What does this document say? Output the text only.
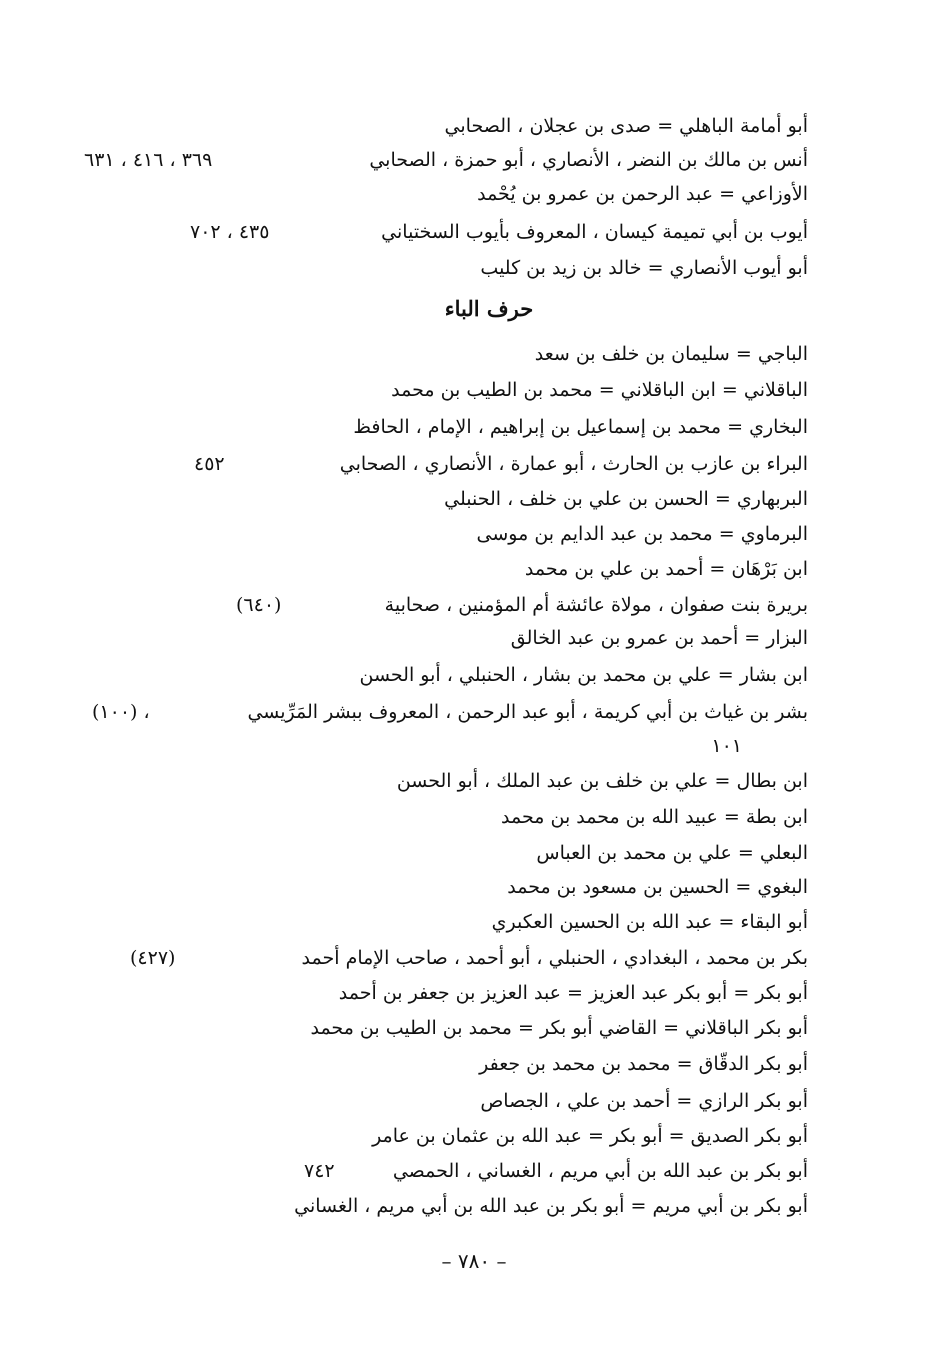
أبو أمامة الباهلي = صدى بن عجلان ، الصحابي
أنس بن مالك بن النضر ، الأنصاري ، أبو حمزة ، الصحابي
٣٦٩ ، ٤١٦ ، ٦٣١
الأوزاعي = عبد الرحمن بن عمرو بن يُحْمد
أيوب بن أبي تميمة كيسان ، المعروف بأيوب السختياني
٤٣٥ ، ٧٠٢
أبو أيوب الأنصاري = خالد بن زيد بن كليب
حرف الباء
الباجي = سليمان بن خلف بن سعد
الباقلاني = ابن الباقلاني = محمد بن الطيب بن محمد
البخاري = محمد بن إسماعيل بن إبراهيم ، الإمام ، الحافظ
البراء بن عازب بن الحارث ، أبو عمارة ، الأنصاري ، الصحابي
٤٥٢
البربهاري = الحسن بن علي بن خلف ، الحنبلي
البرماوي = محمد بن عبد الدايم بن موسى
ابن بَرْهَان = أحمد بن علي بن محمد
بريرة بنت صفوان ، مولاة عائشة أم المؤمنين ، صحابية
(٦٤٠)
البزار = أحمد بن عمرو بن عبد الخالق
ابن بشار = علي بن محمد بن بشار ، الحنبلي ، أبو الحسن
بشر بن غياث بن أبي كريمة ، أبو عبد الرحمن ، المعروف ببشر المَرِّيسي
(١٠٠) ،
١٠١
ابن بطال = علي بن خلف بن عبد الملك ، أبو الحسن
ابن بطة = عبيد الله بن محمد بن محمد
البعلي = علي بن محمد بن العباس
البغوي = الحسين بن مسعود بن محمد
أبو البقاء = عبد الله بن الحسين العكبري
بكر بن محمد ، البغدادي ، الحنبلي ، أبو أحمد ، صاحب الإمام أحمد
(٤٢٧)
أبو بكر = أبو بكر عبد العزيز = عبد العزيز بن جعفر بن أحمد
أبو بكر الباقلاني = القاضي أبو بكر = محمد بن الطيب بن محمد
أبو بكر الدقّاق = محمد بن محمد بن جعفر
أبو بكر الرازي = أحمد بن علي ، الجصاص
أبو بكر الصديق = أبو بكر = عبد الله بن عثمان بن عامر
أبو بكر بن عبد الله بن أبي مريم ، الغساني ، الحمصي
٧٤٢
أبو بكر بن أبي مريم = أبو بكر بن عبد الله بن أبي مريم ، الغساني
– ٧٨٠ –
